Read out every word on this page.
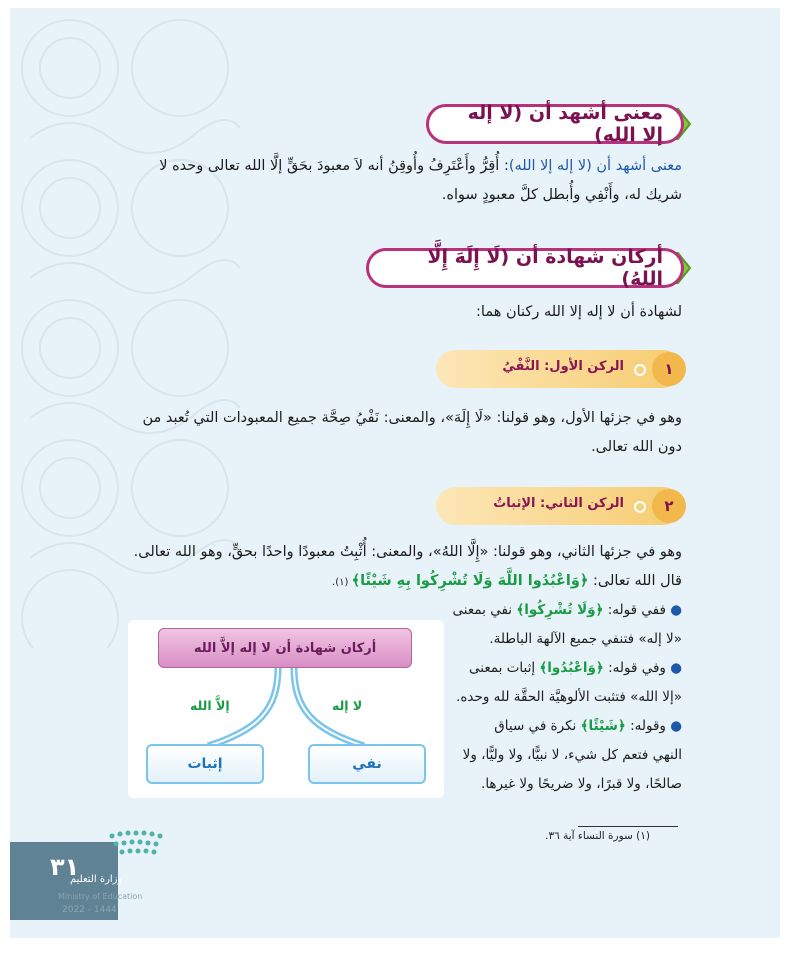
معنى أشهد أن (لا إله إلا الله)
معنى أشهد أن (لا إله إلا الله): أُقِرُّ وأَعْتَرِفُ وأُوقِنُ أنه لاَ معبودَ بحَقٍّ إلَّا الله تعالى وحده لا
شريك له، وأَنْفِي وأُبطل كلَّ معبودٍ سواه.
أركان شهادة أن (لَا إِلَهَ إِلَّا اللهُ)
لشهادة أن لا إله إلا الله ركنان هما:
١
الركن الأول: النَّفْيُ
وهو في جزئها الأول، وهو قولنا: «لَا إِلَهَ»، والمعنى: نَفْيُ صِحَّة جميع المعبودات التي تُعبد من
دون الله تعالى.
٢
الركن الثاني: الإثباتُ
وهو في جزئها الثاني، وهو قولنا: «إِلَّا اللهُ»، والمعنى: أُثْبِتُ معبودًا واحدًا بحقٍّ، وهو الله تعالى.
قال الله تعالى: ﴿وَاعْبُدُوا اللَّهَ وَلَا تُشْرِكُوا بِهِ شَيْئًا﴾ (١).
● ففي قوله: ﴿وَلَا تُشْرِكُوا﴾ نفي بمعنى
«لا إله» فتنفي جميع الآلهة الباطلة.
● وفي قوله: ﴿وَاعْبُدُوا﴾ إثبات بمعنى
«إلا الله» فتثبت الألوهيَّة الحقَّة لله وحده.
● وقوله: ﴿شَيْئًا﴾ نكرة في سياق
النهي فتعم كل شيء، لا نبيًّا، ولا وليًّا، ولا
صالحًا، ولا قبرًا، ولا ضريحًا ولا غيرها.
أركان شهادة أن لا إله إلاَّ الله
إلاَّ الله	لا إله
إثبات	نفي
(١) سورة النساء آية ٣٦.
٣١
وزارة التعليم
Ministry of Education
2022 - 1444
